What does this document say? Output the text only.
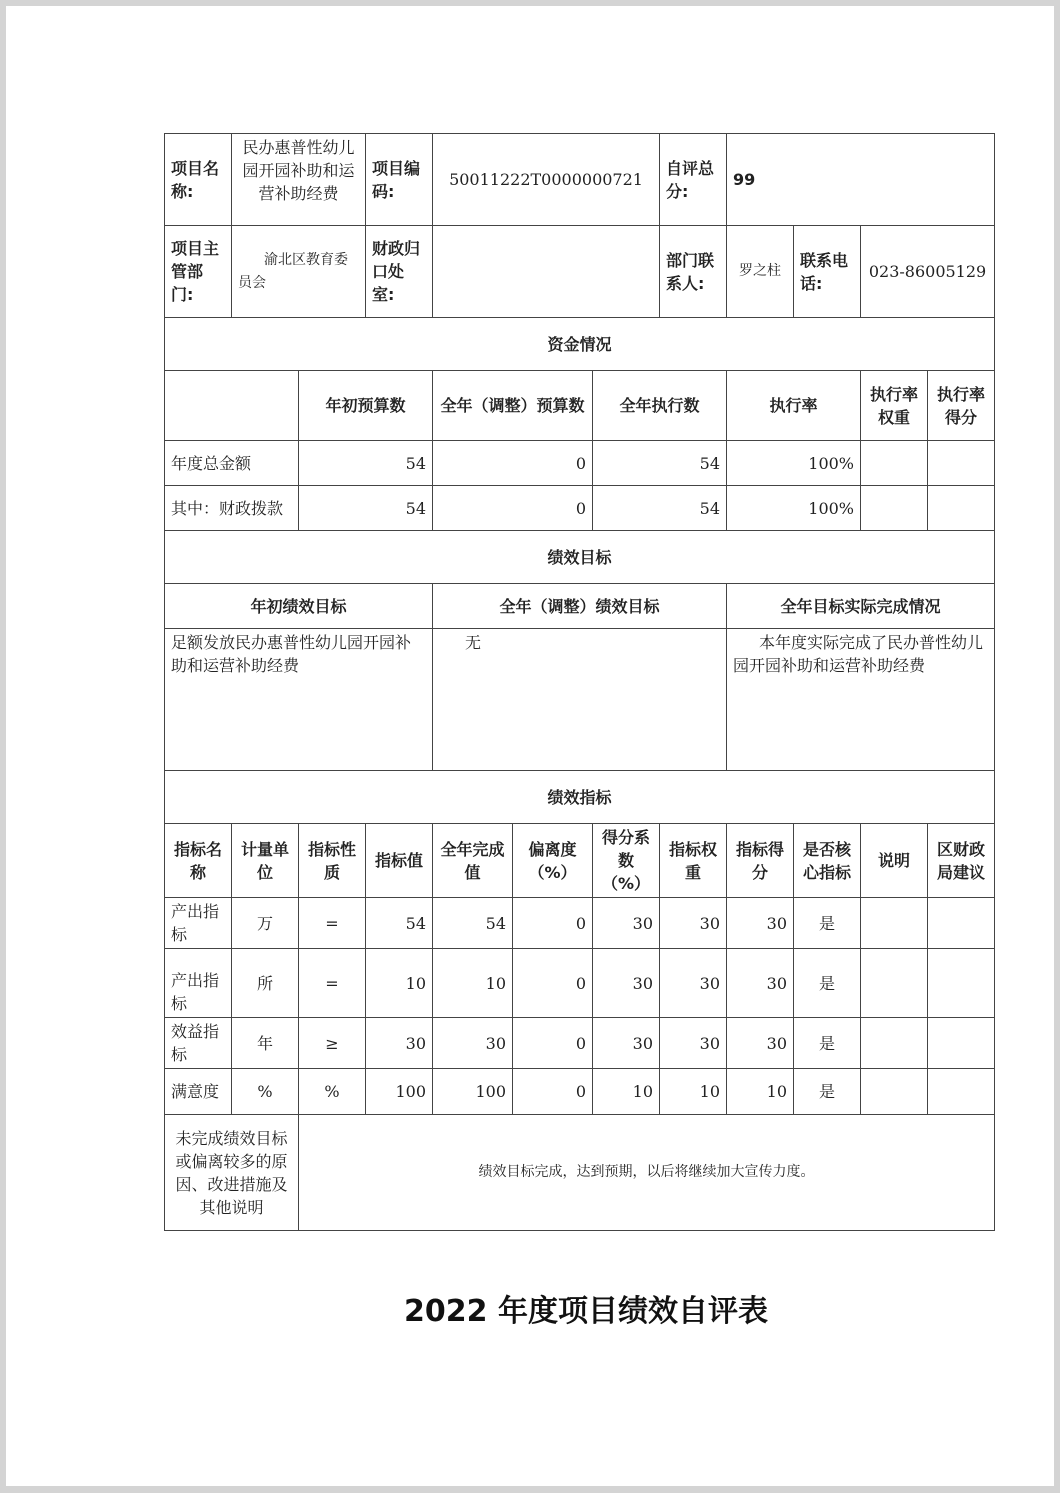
项目名称:	民办惠普性幼儿园开园补助和运营补助经费		项目编码:	50011222T0000000721			自评总分:	99			
项目主管部门:	渝北区教育委员会		财政归口处室:				部门联系人:	罗之柱	联系电话:	023-86005129	
资金情况											
		年初预算数		全年（调整）预算数		全年执行数		执行率		执行率权重	执行率得分
年度总金额		54		0		54		100%			
其中：财政拨款		54		0		54		100%			
绩效目标											
年初绩效目标				全年（调整）绩效目标				全年目标实际完成情况			
足额发放民办惠普性幼儿园开园补助和运营补助经费				无				本年度实际完成了民办普性幼儿园开园补助和运营补助经费			
绩效指标											
指标名称	计量单位	指标性质	指标值	全年完成值	偏离度（%）	得分系数（%）	指标权重	指标得分	是否核心指标	说明	区财政局建议
产出指标	万	=	54	54	0	30	30	30	是		
产出指标	所	=	10	10	0	30	30	30	是		
效益指标	年	≥	30	30	0	30	30	30	是		
满意度	%	%	100	100	0	10	10	10	是		
未完成绩效目标或偏离较多的原因、改进措施及其他说明		绩效目标完成，达到预期，以后将继续加大宣传力度。									
2022 年度项目绩效自评表
